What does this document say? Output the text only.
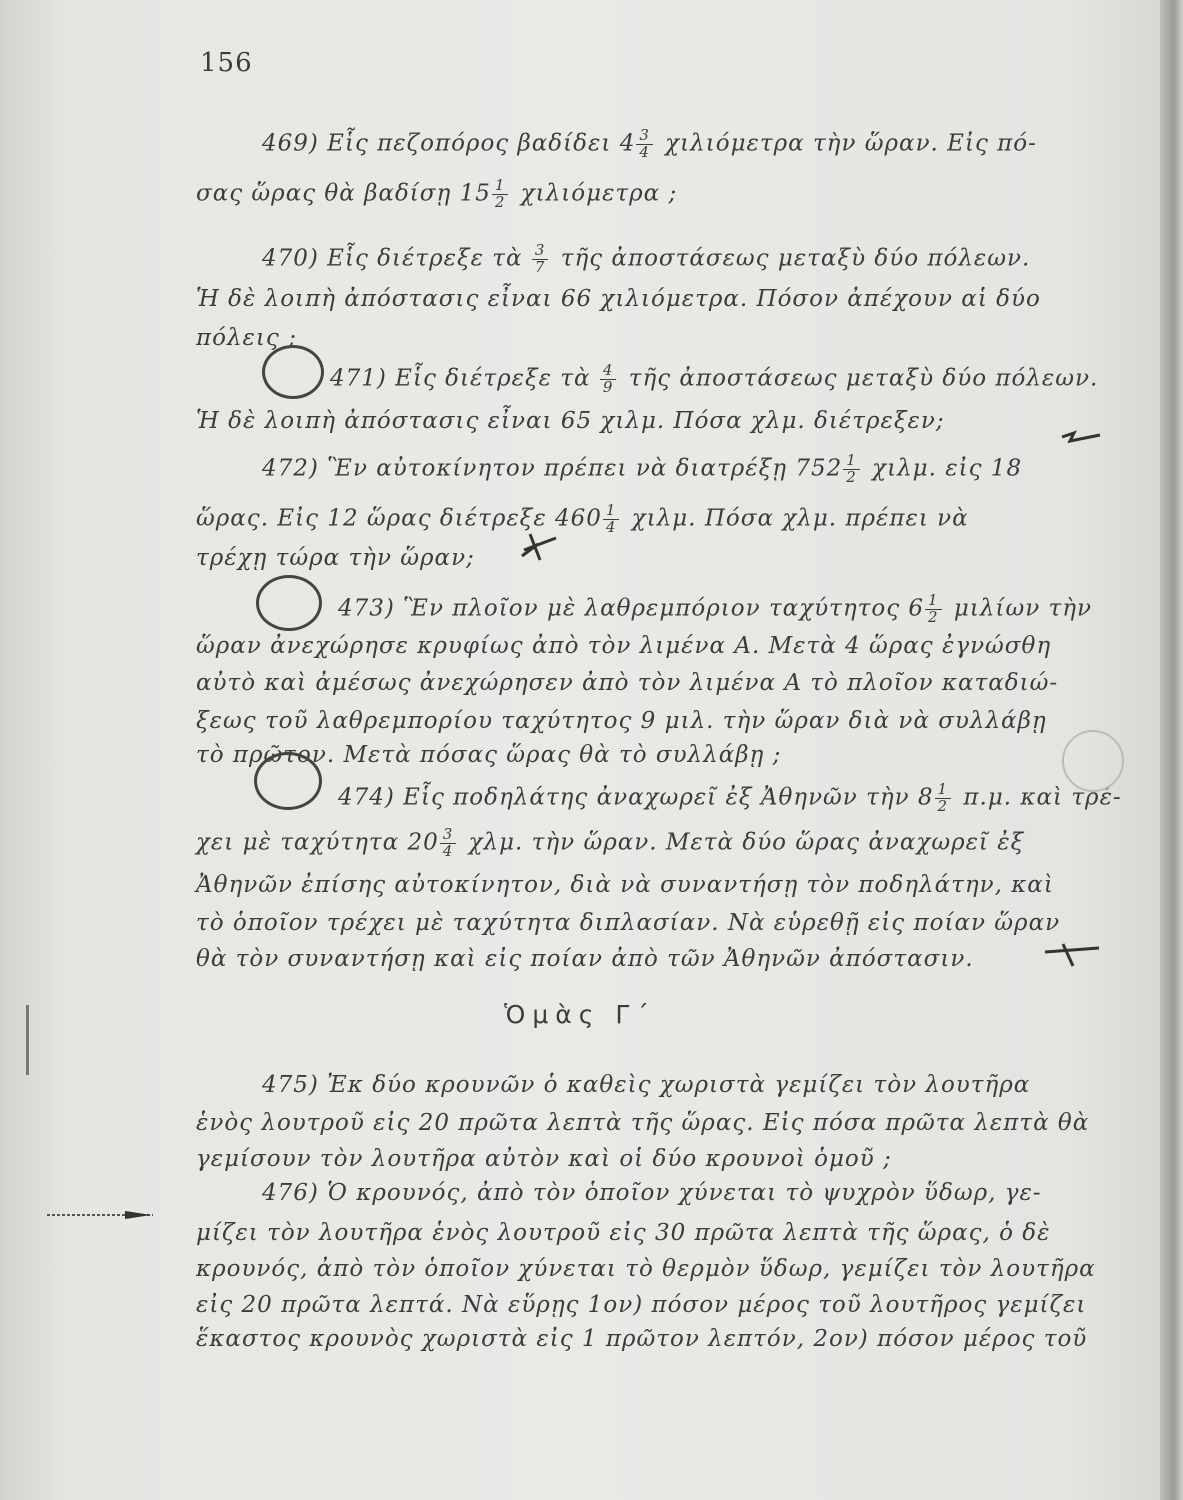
156
469) Εἷς πεζοπόρος βαδίδει $4 \frac{3}{4}$ χιλιόμετρα τὴν ὥραν. Εἰς πό-
σας ὥρας θὰ βαδίσῃ $15 \frac{1}{2}$ χιλιόμετρα ;
470) Εἷς διέτρεξε τὰ $\frac{3}{7}$ τῆς ἀποστάσεως μεταξὺ δύο πόλεων.
Ἡ δὲ λοιπὴ ἀπόστασις εἶναι 66 χιλιόμετρα. Πόσον ἀπέχουν αἱ δύο
πόλεις ;
471) Εἷς διέτρεξε τὰ $\frac{4}{9}$ τῆς ἀποστάσεως μεταξὺ δύο πόλεων.
Ἡ δὲ λοιπὴ ἀπόστασις εἶναι 65 χιλμ. Πόσα χλμ. διέτρεξεν;
472) Ἓν αὐτοκίνητον πρέπει νὰ διατρέξῃ $752 \frac{1}{2} \chi\iota\lambda\mu$. εἰς 18
ὥρας. Εἰς 12 ὥρας διέτρεξε $460 \frac{1}{4} \chi\iota\lambda\mu$. Πόσα χλμ. πρέπει νὰ
τρέχῃ τώρα τὴν ὥραν;
473) Ἓν πλοῖον μὲ λαθρεμπόριον ταχύτητος $6 \frac{1}{2}$ μιλίων τὴν
ὥραν ἀνεχώρησε κρυφίως ἀπὸ τὸν λιμένα Α. Μετὰ 4 ὥρας ἐγνώσθη
αὐτὸ καὶ ἀμέσως ἀνεχώρησεν ἀπὸ τὸν λιμένα Α τὸ πλοῖον καταδιώ-
ξεως τοῦ λαθρεμπορίου ταχύτητος 9 μιλ. τὴν ὥραν διὰ νὰ συλλάβῃ
τὸ πρῶτον. Μετὰ πόσας ὥρας θὰ τὸ συλλάβῃ ;
474) Εἷς ποδηλάτης ἀναχωρεῖ ἐξ Ἀθηνῶν τὴν $8 \frac{1}{2} \pi.\mu$. καὶ τρέ-
χει μὲ ταχύτητα $20 \frac{3}{4} \chi\lambda\mu$. τὴν ὥραν. Μετὰ δύο ὥρας ἀναχωρεῖ ἐξ
Ἀθηνῶν ἐπίσης αὐτοκίνητον, διὰ νὰ συναντήσῃ τὸν ποδηλάτην, καὶ
τὸ ὁποῖον τρέχει μὲ ταχύτητα διπλασίαν. Νὰ εὑρεθῇ εἰς ποίαν ὥραν
θὰ τὸν συναντήσῃ καὶ εἰς ποίαν ἀπὸ τῶν Ἀθηνῶν ἀπόστασιν.
475) Ἐκ δύο κρουνῶν ὁ καθεὶς χωριστὰ γεμίζει τὸν λουτῆρα
ἑνὸς λουτροῦ εἰς 20 πρῶτα λεπτὰ τῆς ὥρας. Εἰς πόσα πρῶτα λεπτὰ θὰ
γεμίσουν τὸν λουτῆρα αὐτὸν καὶ οἱ δύο κρουνοὶ ὁμοῦ ;
476) Ὁ κρουνός, ἀπὸ τὸν ὁποῖον χύνεται τὸ ψυχρὸν ὕδωρ, γε-
μίζει τὸν λουτῆρα ἑνὸς λουτροῦ εἰς 30 πρῶτα λεπτὰ τῆς ὥρας, ὁ δὲ
κρουνός, ἀπὸ τὸν ὁποῖον χύνεται τὸ θερμὸν ὕδωρ, γεμίζει τὸν λουτῆρα
εἰς 20 πρῶτα λεπτά. Νὰ εὕρῃς 1ον) πόσον μέρος τοῦ λουτῆρος γεμίζει
ἕκαστος κρουνὸς χωριστὰ εἰς 1 πρῶτον λεπτόν, 2ον) πόσον μέρος τοῦ
Ὁμὰς Γ΄
